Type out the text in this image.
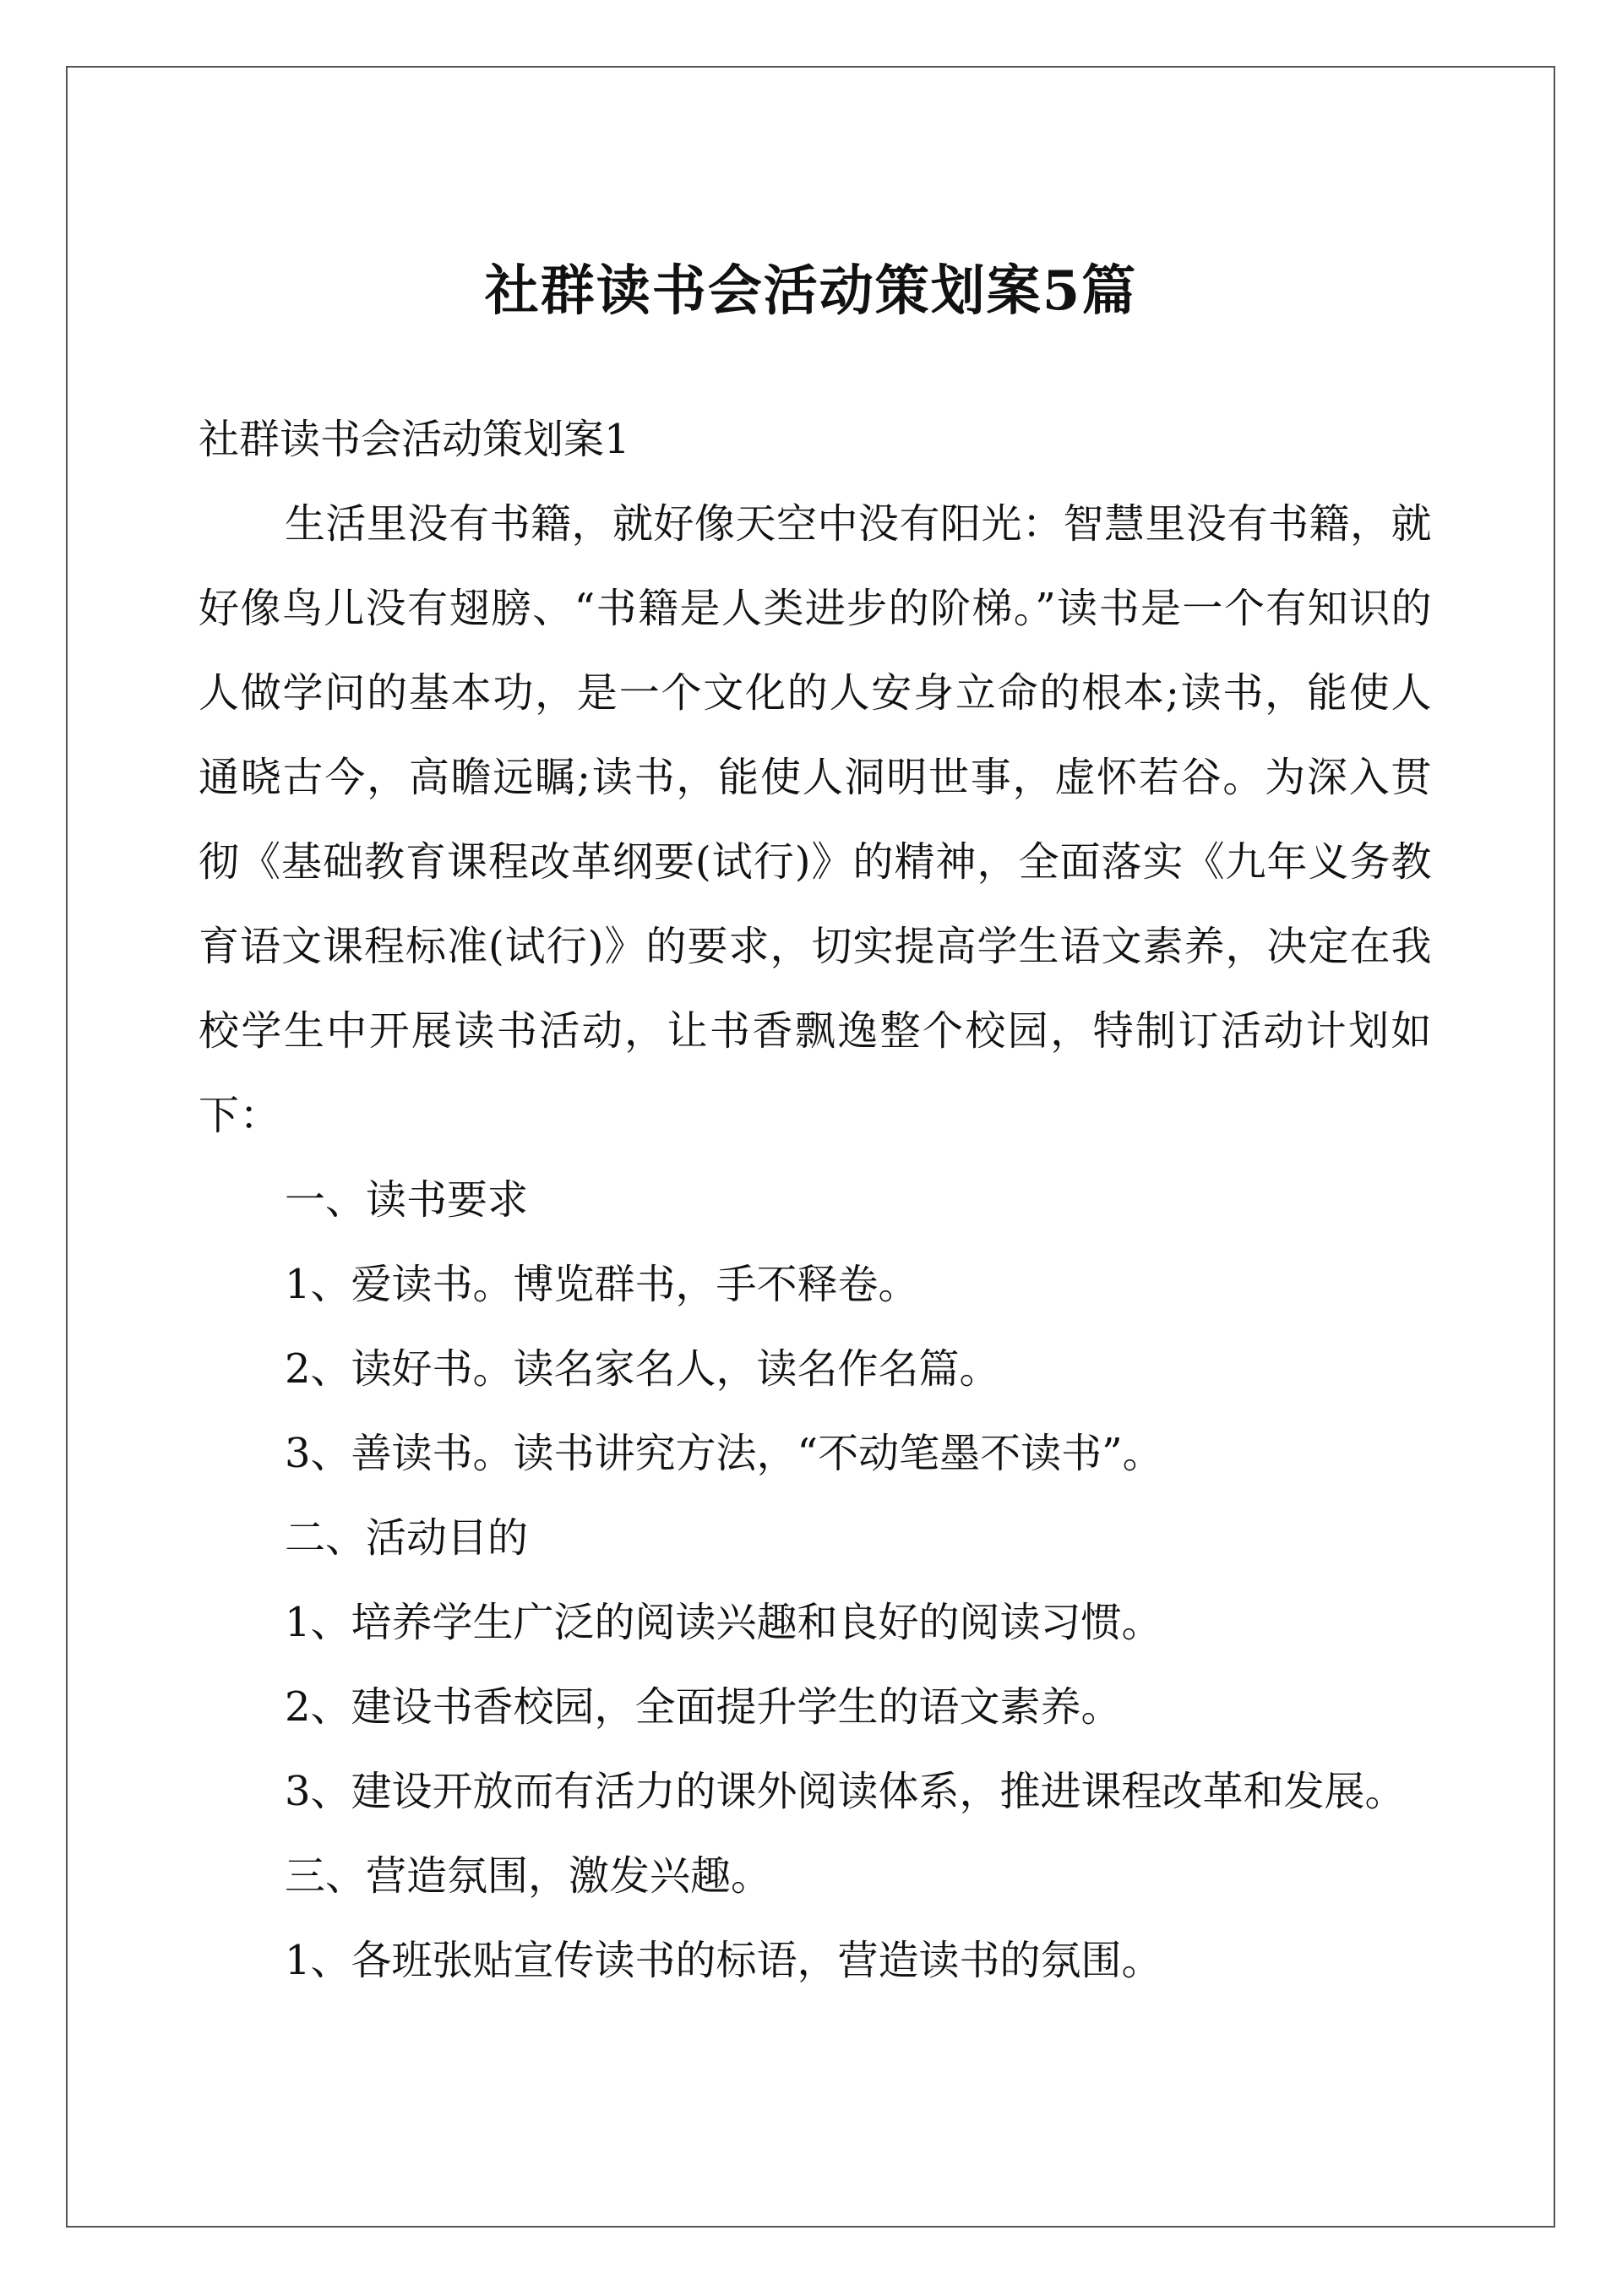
社群读书会活动策划案5篇

社群读书会活动策划案1

生活里没有书籍，就好像天空中没有阳光：智慧里没有书籍，就好像鸟儿没有翅膀、“书籍是人类进步的阶梯。”读书是一个有知识的人做学问的基本功，是一个文化的人安身立命的根本;读书，能使人通晓古今，高瞻远瞩;读书，能使人洞明世事，虚怀若谷。为深入贯彻《基础教育课程改革纲要(试行)》的精神，全面落实《九年义务教育语文课程标准(试行)》的要求，切实提高学生语文素养，决定在我校学生中开展读书活动，让书香飘逸整个校园，特制订活动计划如下：

一、读书要求

1、爱读书。博览群书，手不释卷。

2、读好书。读名家名人，读名作名篇。

3、善读书。读书讲究方法，“不动笔墨不读书”。

二、活动目的

1、培养学生广泛的阅读兴趣和良好的阅读习惯。

2、建设书香校园，全面提升学生的语文素养。

3、建设开放而有活力的课外阅读体系，推进课程改革和发展。

三、营造氛围，激发兴趣。

1、各班张贴宣传读书的标语，营造读书的氛围。
